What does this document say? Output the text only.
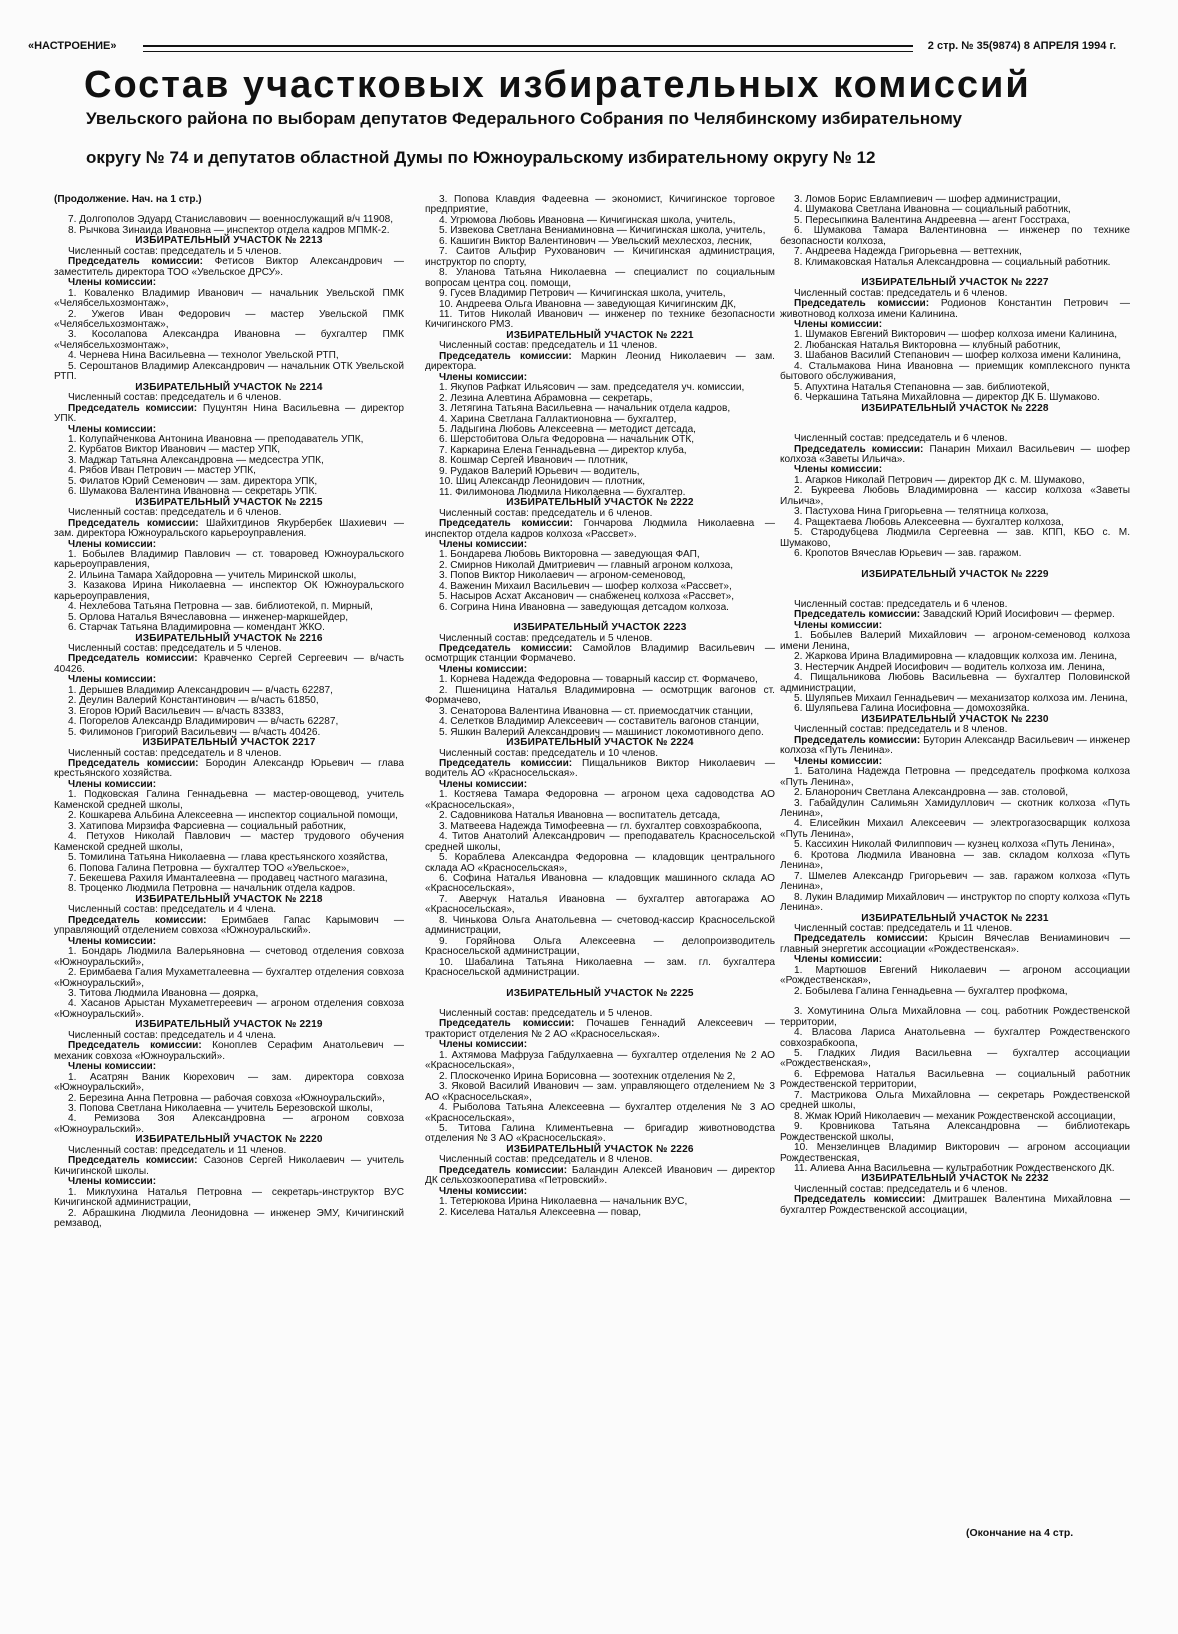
«НАСТРОЕНИЕ»	2 стр. № 35(9874) 8 АПРЕЛЯ 1994 г.
Состав участковых избирательных комиссий
Увельского района по выборам депутатов Федерального Собрания по Челябинскому избирательному
округу № 74 и депутатов областной Думы по Южноуральскому избирательному округу № 12

(Продолжение. Нач. на 1 стр.)

7. Долгополов Эдуард Станиславович — военнослужащий в/ч 11908,

8. Рычкова Зинаида Ивановна — инспектор отдела кадров МПМК-2.

ИЗБИРАТЕЛЬНЫЙ УЧАСТОК № 2213

Численный состав: председатель и 5 членов.

Председатель комиссии: Фетисов Виктор Александрович — заместитель директора ТОО «Увельское ДРСУ».

Члены комиссии:

1. Коваленко Владимир Иванович — начальник Увельской ПМК «Челябсельхозмонтаж»,

2. Ужегов Иван Федорович — мастер Увельской ПМК «Челябсельхозмонтаж»,

3. Косолапова Александра Ивановна — бухгалтер ПМК «Челябсельхозмонтаж»,

4. Чернева Нина Васильевна — технолог Увельской РТП,

5. Сероштанов Владимир Александрович — начальник ОТК Увельской РТП.

ИЗБИРАТЕЛЬНЫЙ УЧАСТОК № 2214

Численный состав: председатель и 6 членов.

Председатель комиссии: Пуцунтян Нина Васильевна — директор УПК.

Члены комиссии:

1. Колупайченкова Антонина Ивановна — преподаватель УПК,

2. Курбатов Виктор Иванович — мастер УПК,

3. Маджар Татьяна Александровна — медсестра УПК,

4. Рябов Иван Петрович — мастер УПК,

5. Филатов Юрий Семенович — зам. директора УПК,

6. Шумакова Валентина Ивановна — секретарь УПК.

ИЗБИРАТЕЛЬНЫЙ УЧАСТОК № 2215

Численный состав: председатель и 6 членов.

Председатель комиссии: Шайхитдинов Якурбербек Шахиевич — зам. директора Южноуральского карьероуправления.

Члены комиссии:

1. Бобылев Владимир Павлович — ст. товаровед Южноуральского карьероуправления,

2. Ильина Тамара Хайдоровна — учитель Миринской школы,

3. Казакова Ирина Николаевна — инспектор ОК Южноуральского карьероуправления,

4. Нехлебова Татьяна Петровна — зав. библиотекой, п. Мирный,

5. Орлова Наталья Вячеславовна — инженер-маркшейдер,

6. Старчак Татьяна Владимировна — комендант ЖКО.

ИЗБИРАТЕЛЬНЫЙ УЧАСТОК № 2216

Численный состав: председатель и 5 членов.

Председатель комиссии: Кравченко Сергей Сергеевич — в/часть 40426.

Члены комиссии:

1. Дерышев Владимир Александрович — в/часть 62287,

2. Деулин Валерий Константинович — в/часть 61850,

3. Егоров Юрий Васильевич — в/часть 83383,

4. Погорелов Александр Владимирович — в/часть 62287,

5. Филимонов Григорий Васильевич — в/часть 40426.

ИЗБИРАТЕЛЬНЫЙ УЧАСТОК 2217

Численный состав: председатель и 8 членов.

Председатель комиссии: Бородин Александр Юрьевич — глава крестьянского хозяйства.

Члены комиссии:

1. Подковская Галина Геннадьевна — мастер-овощевод, учитель Каменской средней школы,

2. Кошкарева Альбина Алексеевна — инспектор социальной помощи,

3. Хатипова Мирзифа Фарсиевна — социальный работник,

4. Петухов Николай Павлович — мастер трудового обучения Каменской средней школы,

5. Томилина Татьяна Николаевна — глава крестьянского хозяйства,

6. Попова Галина Петровна — бухгалтер ТОО «Увельское»,

7. Бекешева Рахиля Иманталеевна — продавец частного магазина,

8. Троценко Людмила Петровна — начальник отдела кадров.

ИЗБИРАТЕЛЬНЫЙ УЧАСТОК № 2218

Численный состав: председатель и 4 члена.

Председатель комиссии: Еримбаев Гапас Карымович — управляющий отделением совхоза «Южноуральский».

Члены комиссии:

1. Бондарь Людмила Валерьяновна — счетовод отделения совхоза «Южноуральский»,

2. Еримбаева Галия Мухаметгалеевна — бухгалтер отделения совхоза «Южноуральский»,

3. Титова Людмила Ивановна — доярка,

4. Хасанов Арыстан Мухаметгереевич — агроном отделения совхоза «Южноуральский».

ИЗБИРАТЕЛЬНЫЙ УЧАСТОК № 2219

Численный состав: председатель и 4 члена.

Председатель комиссии: Коноплев Серафим Анатольевич — механик совхоза «Южноуральский».

Члены комиссии:

1. Асатрян Ваник Кюрехович — зам. директора совхоза «Южноуральский»,

2. Березина Анна Петровна — рабочая совхоза «Южноуральский»,

3. Попова Светлана Николаевна — учитель Березовской школы,

4. Ремизова Зоя Александровна — агроном совхоза «Южноуральский».

ИЗБИРАТЕЛЬНЫЙ УЧАСТОК № 2220

Численный состав: председатель и 11 членов.

Председатель комиссии: Сазонов Сергей Николаевич — учитель Кичигинской школы.

Члены комиссии:

1. Миклухина Наталья Петровна — секретарь-инструктор ВУС Кичигинской администрации,

2. Абрашкина Людмила Леонидовна — инженер ЭМУ, Кичигинский ремзавод,

3. Попова Клавдия Фадеевна — экономист, Кичигинское торговое предприятие,

4. Угрюмова Любовь Ивановна — Кичигинская школа, учитель,

5. Извекова Светлана Вениаминовна — Кичигинская школа, учитель,

6. Кашигин Виктор Валентинович — Увельский мехлесхоз, лесник,

7. Саитов Альфир Рухованович — Кичигинская администрация, инструктор по спорту,

8. Уланова Татьяна Николаевна — специалист по социальным вопросам центра соц. помощи,

9. Гусев Владимир Петрович — Кичигинская школа, учитель,

10. Андреева Ольга Ивановна — заведующая Кичигинским ДК,

11. Титов Николай Иванович — инженер по технике безопасности Кичигинского РМЗ.

ИЗБИРАТЕЛЬНЫЙ УЧАСТОК № 2221

Численный состав: председатель и 11 членов.

Председатель комиссии: Маркин Леонид Николаевич — зам. директора.

Члены комиссии:

1. Якупов Рафкат Ильясович — зам. председателя уч. комиссии,

2. Лезина Алевтина Абрамовна — секретарь,

3. Летягина Татьяна Васильевна — начальник отдела кадров,

4. Харина Светлана Галлактионовна — бухгалтер,

5. Ладыгина Любовь Алексеевна — методист детсада,

6. Шерстобитова Ольга Федоровна — начальник ОТК,

7. Каркарина Елена Геннадьевна — директор клуба,

8. Кошмар Сергей Иванович — плотник,

9. Рудаков Валерий Юрьевич — водитель,

10. Шиц Александр Леонидович — плотник,

11. Филимонова Людмила Николаевна — бухгалтер.

ИЗБИРАТЕЛЬНЫЙ УЧАСТОК № 2222

Численный состав: председатель и 6 членов.

Председатель комиссии: Гончарова Людмила Николаевна — инспектор отдела кадров колхоза «Рассвет».

Члены комиссии:

1. Бондарева Любовь Викторовна — заведующая ФАП,

2. Смирнов Николай Дмитриевич — главный агроном колхоза,

3. Попов Виктор Николаевич — агроном-семеновод,

4. Важенин Михаил Васильевич — шофер колхоза «Рассвет»,

5. Насыров Асхат Аксанович — снабженец колхоза «Рассвет»,

6. Согрина Нина Ивановна — заведующая детсадом колхоза.

ИЗБИРАТЕЛЬНЫЙ УЧАСТОК 2223

Численный состав: председатель и 5 членов.

Председатель комиссии: Самойлов Владимир Васильевич — осмотрщик станции Формачево.

Члены комиссии:

1. Корнева Надежда Федоровна — товарный кассир ст. Формачево,

2. Пшеницина Наталья Владимировна — осмотрщик вагонов ст. Формачево,

3. Сенаторова Валентина Ивановна — ст. приемосдатчик станции,

4. Селетков Владимир Алексеевич — составитель вагонов станции,

5. Яшкин Валерий Александрович — машинист локомотивного депо.

ИЗБИРАТЕЛЬНЫЙ УЧАСТОК № 2224

Численный состав: председатель и 10 членов.

Председатель комиссии: Пищальников Виктор Николаевич — водитель АО «Красносельская».

Члены комиссии:

1. Костяева Тамара Федоровна — агроном цеха садоводства АО «Красносельская»,

2. Садовникова Наталья Ивановна — воспитатель детсада,

3. Матвеева Надежда Тимофеевна — гл. бухгалтер совхозрабкоопа,

4. Титов Анатолий Александрович — преподаватель Красносельской средней школы,

5. Кораблева Александра Федоровна — кладовщик центрального склада АО «Красносельская»,

6. Софина Наталья Ивановна — кладовщик машинного склада АО «Красносельская»,

7. Аверчук Наталья Ивановна — бухгалтер автогаража АО «Красносельская»,

8. Чинькова Ольга Анатольевна — счетовод-кассир Красносельской администрации,

9. Горяйнова Ольга Алексеевна — делопроизводитель Красносельской администрации,

10. Шабалина Татьяна Николаевна — зам. гл. бухгалтера Красносельской администрации.

ИЗБИРАТЕЛЬНЫЙ УЧАСТОК № 2225

Численный состав: председатель и 5 членов.

Председатель комиссии: Почашев Геннадий Алексеевич — тракторист отделения № 2 АО «Красносельская».

Члены комиссии:

1. Ахтямова Мафруза Габдулхаевна — бухгалтер отделения № 2 АО «Красносельская»,

2. Плоскоченко Ирина Борисовна — зоотехник отделения № 2,

3. Яковой Василий Иванович — зам. управляющего отделением № 3 АО «Красносельская»,

4. Рыболова Татьяна Алексеевна — бухгалтер отделения № 3 АО «Красносельская»,

5. Титова Галина Климентьевна — бригадир животноводства отделения № 3 АО «Красносельская».

ИЗБИРАТЕЛЬНЫЙ УЧАСТОК № 2226

Численный состав: председатель и 8 членов.

Председатель комиссии: Баландин Алексей Иванович — директор ДК сельхозкооператива «Петровский».

Члены комиссии:

1. Тетерюкова Ирина Николаевна — начальник ВУС,

2. Киселева Наталья Алексеевна — повар,

3. Ломов Борис Евлампиевич — шофер администрации,

4. Шумакова Светлана Ивановна — социальный работник,

5. Пересыпкина Валентина Андреевна — агент Госстраха,

6. Шумакова Тамара Валентиновна — инженер по технике безопасности колхоза,

7. Андреева Надежда Григорьевна — веттехник,

8. Климаковская Наталья Александровна — социальный работник.

ИЗБИРАТЕЛЬНЫЙ УЧАСТОК № 2227

Численный состав: председатель и 6 членов.

Председатель комиссии: Родионов Константин Петрович — животновод колхоза имени Калинина.

Члены комиссии:

1. Шумаков Евгений Викторович — шофер колхоза имени Калинина,

2. Любанская Наталья Викторовна — клубный работник,

3. Шабанов Василий Степанович — шофер колхоза имени Калинина,

4. Стальмакова Нина Ивановна — приемщик комплексного пункта бытового обслуживания,

5. Апухтина Наталья Степановна — зав. библиотекой,

6. Черкашина Татьяна Михайловна — директор ДК Б. Шумаково.

ИЗБИРАТЕЛЬНЫЙ УЧАСТОК № 2228

Численный состав: председатель и 6 членов.

Председатель комиссии: Панарин Михаил Васильевич — шофер колхоза «Заветы Ильича».

Члены комиссии:

1. Агарков Николай Петрович — директор ДК с. М. Шумаково,

2. Букреева Любовь Владимировна — кассир колхоза «Заветы Ильича»,

3. Пастухова Нина Григорьевна — телятница колхоза,

4. Ращектаева Любовь Алексеевна — бухгалтер колхоза,

5. Стародубцева Людмила Сергеевна — зав. КПП, КБО с. М. Шумаково,

6. Кропотов Вячеслав Юрьевич — зав. гаражом.

ИЗБИРАТЕЛЬНЫЙ УЧАСТОК № 2229

Численный состав: председатель и 6 членов.

Председатель комиссии: Завадский Юрий Иосифович — фермер.

Члены комиссии:

1. Бобылев Валерий Михайлович — агроном-семеновод колхоза имени Ленина,

2. Жаркова Ирина Владимировна — кладовщик колхоза им. Ленина,

3. Нестерчик Андрей Иосифович — водитель колхоза им. Ленина,

4. Пищальникова Любовь Васильевна — бухгалтер Половинской администрации,

5. Шуляпьев Михаил Геннадьевич — механизатор колхоза им. Ленина,

6. Шуляпьева Галина Иосифовна — домохозяйка.

ИЗБИРАТЕЛЬНЫЙ УЧАСТОК № 2230

Численный состав: председатель и 8 членов.

Председатель комиссии: Буторин Александр Васильевич — инженер колхоза «Путь Ленина».

Члены комиссии:

1. Батолина Надежда Петровна — председатель профкома колхоза «Путь Ленина»,

2. Бланоронич Светлана Александровна — зав. столовой,

3. Габайдулин Салимьян Хамидуллович — скотник колхоза «Путь Ленина»,

4. Елисейкин Михаил Алексеевич — электрогазосварщик колхоза «Путь Ленина»,

5. Кассихин Николай Филиппович — кузнец колхоза «Путь Ленина»,

6. Кротова Людмила Ивановна — зав. складом колхоза «Путь Ленина»,

7. Шмелев Александр Григорьевич — зав. гаражом колхоза «Путь Ленина»,

8. Лукин Владимир Михайлович — инструктор по спорту колхоза «Путь Ленина».

ИЗБИРАТЕЛЬНЫЙ УЧАСТОК № 2231

Численный состав: председатель и 11 членов.

Председатель комиссии: Крысин Вячеслав Вениаминович — главный энергетик ассоциации «Рождественская».

Члены комиссии:

1. Мартюшов Евгений Николаевич — агроном ассоциации «Рождественская»,

2. Бобылева Галина Геннадьевна — бухгалтер профкома,

3. Хомутинина Ольга Михайловна — соц. работник Рождественской территории,

4. Власова Лариса Анатольевна — бухгалтер Рождественского совхозрабкоопа,

5. Гладких Лидия Васильевна — бухгалтер ассоциации «Рождественская»,

6. Ефремова Наталья Васильевна — социальный работник Рождественской территории,

7. Мастрикова Ольга Михайловна — секретарь Рождественской средней школы,

8. Жмак Юрий Николаевич — механик Рождественской ассоциации,

9. Кровникова Татьяна Александровна — библиотекарь Рождественской школы,

10. Мензелинцев Владимир Викторович — агроном ассоциации Рождественская,

11. Алиева Анна Васильевна — культработник Рождественского ДК.

ИЗБИРАТЕЛЬНЫЙ УЧАСТОК № 2232

Численный состав: председатель и 6 членов.

Председатель комиссии: Дмитрашек Валентина Михайловна — бухгалтер Рождественской ассоциации,

(Окончание на 4 стр.
